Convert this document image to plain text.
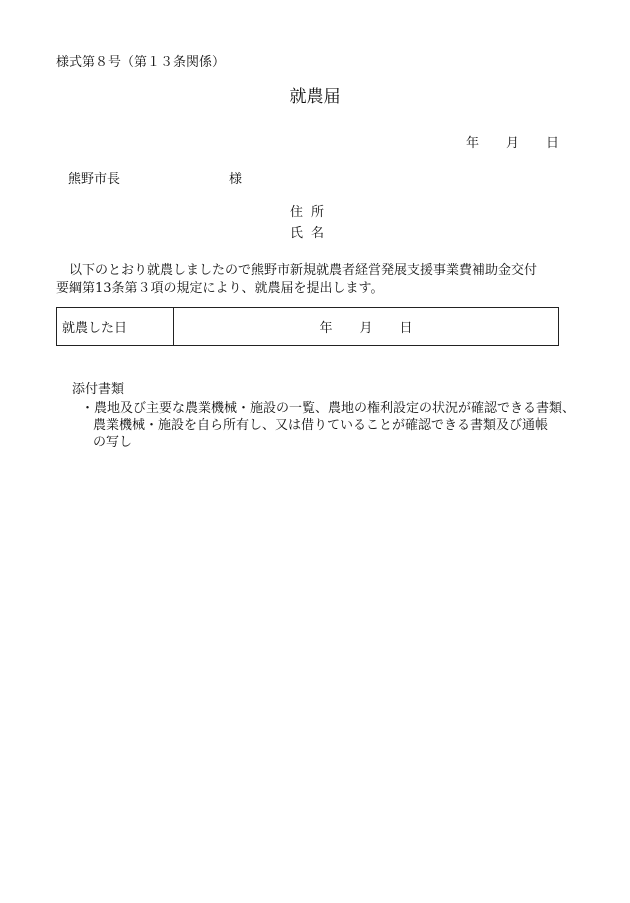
様式第８号（第１３条関係）
就農届
年	月	日
熊野市長	様
住所
氏名
以下のとおり就農しましたので熊野市新規就農者経営発展支援事業費補助金交付
要綱第13条第３項の規定により、就農届を提出します。
就農した日	年	月	日
添付書類
・農地及び主要な農業機械・施設の一覧、農地の権利設定の状況が確認できる書類、
農業機械・施設を自ら所有し、又は借りていることが確認できる書類及び通帳
の写し
